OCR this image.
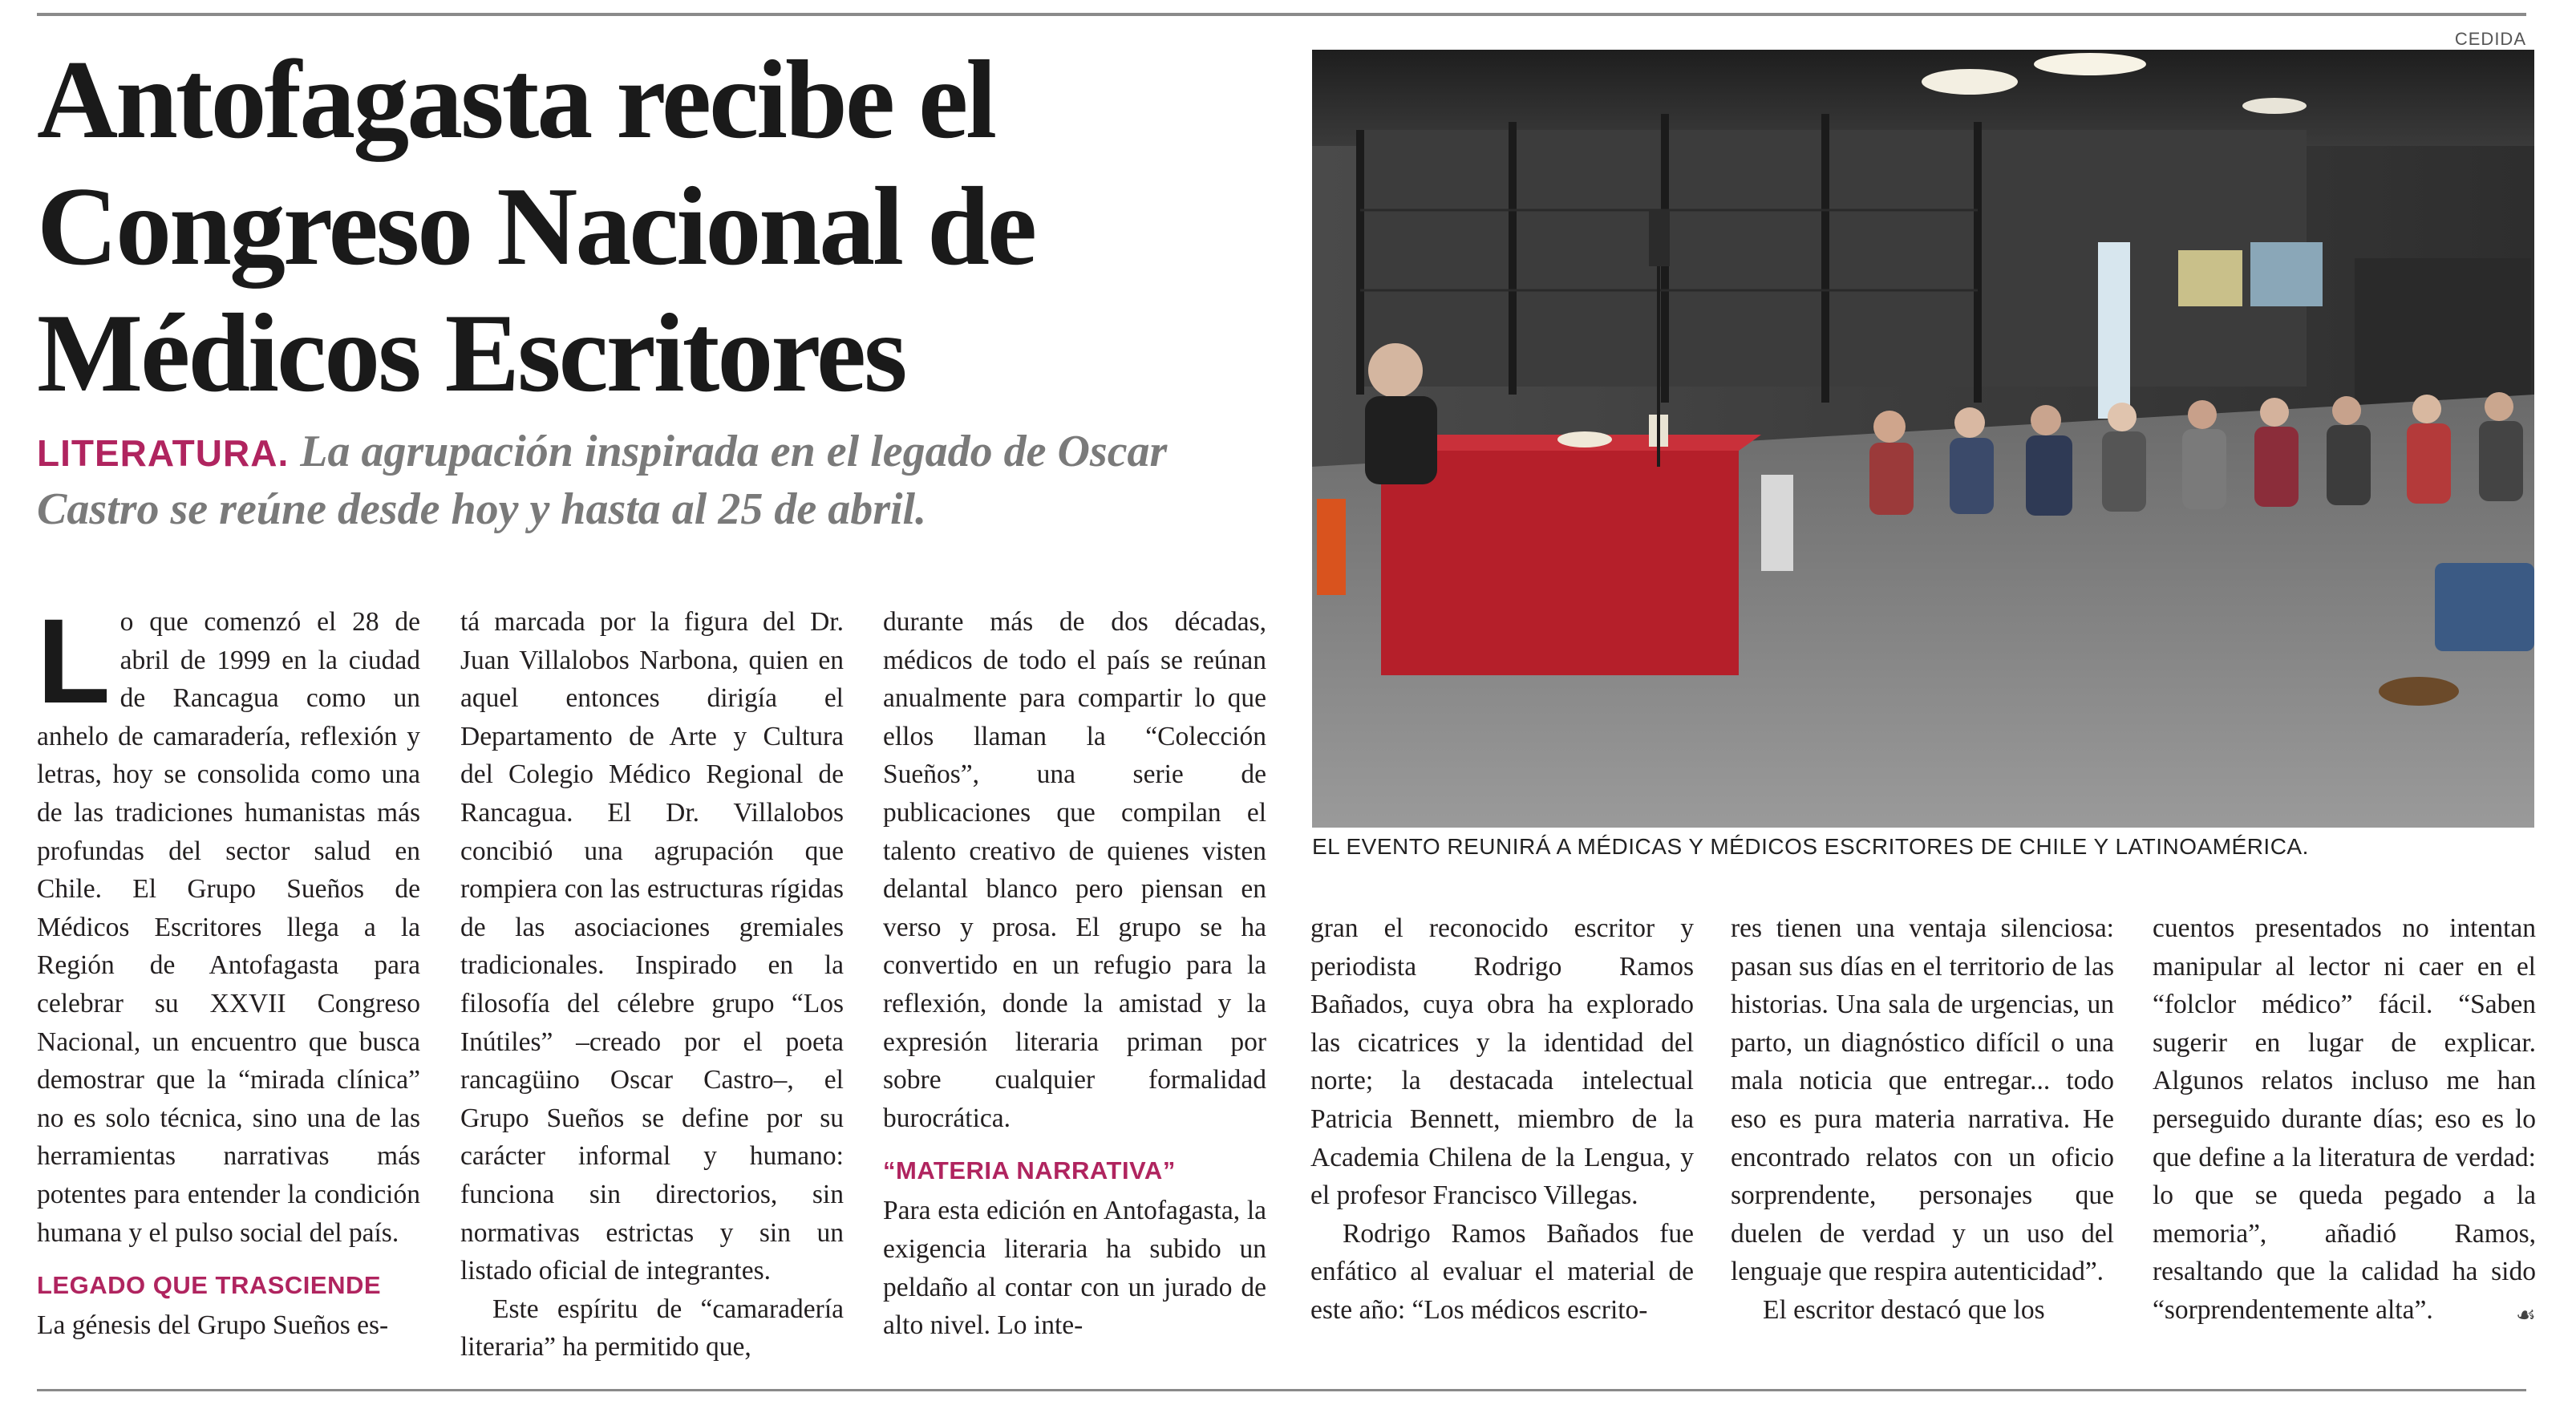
Antofagasta recibe el
Congreso Nacional de
Médicos Escritores
LITERATURA. La agrupación inspirada en el legado de Oscar Castro se reúne desde hoy y hasta al 25 de abril.
CEDIDA
EL EVENTO REUNIRÁ A MÉDICAS Y MÉDICOS ESCRITORES DE CHILE Y LATINOAMÉRICA.

Lo que comenzó el 28 de abril de 1999 en la ciudad de Rancagua como un anhelo de camaradería, reflexión y letras, hoy se consolida como una de las tradiciones humanistas más profundas del sector salud en Chile. El Grupo Sueños de Médicos Escritores llega a la Región de Antofagasta para celebrar su XXVII Congreso Nacional, un encuentro que busca demostrar que la “mirada clínica” no es solo técnica, sino una de las herramientas narrativas más potentes para entender la condición humana y el pulso social del país.

LEGADO QUE TRASCIENDE

La génesis del Grupo Sueños es-

tá marcada por la figura del Dr. Juan Villalobos Narbona, quien en aquel entonces dirigía el Departamento de Arte y Cultura del Colegio Médico Regional de Rancagua. El Dr. Villalobos concibió una agrupación que rompiera con las estructuras rígidas de las asociaciones gremiales tradicionales. Inspirado en la filosofía del célebre grupo “Los Inútiles” –creado por el poeta rancagüino Oscar Castro–, el Grupo Sueños se define por su carácter informal y humano: funciona sin directorios, sin normativas estrictas y sin un listado oficial de integrantes.

Este espíritu de “camaradería literaria” ha permitido que,

durante más de dos décadas, médicos de todo el país se reúnan anualmente para compartir lo que ellos llaman la “Colección Sueños”, una serie de publicaciones que compilan el talento creativo de quienes visten delantal blanco pero piensan en verso y prosa. El grupo se ha convertido en un refugio para la reflexión, donde la amistad y la expresión literaria priman por sobre cualquier formalidad burocrática.

“MATERIA NARRATIVA”

Para esta edición en Antofagasta, la exigencia literaria ha subido un peldaño al contar con un jurado de alto nivel. Lo inte-

gran el reconocido escritor y periodista Rodrigo Ramos Bañados, cuya obra ha explorado las cicatrices y la identidad del norte; la destacada intelectual Patricia Bennett, miembro de la Academia Chilena de la Lengua, y el profesor Francisco Villegas.

Rodrigo Ramos Bañados fue enfático al evaluar el material de este año: “Los médicos escrito-

res tienen una ventaja silenciosa: pasan sus días en el territorio de las historias. Una sala de urgencias, un parto, un diagnóstico difícil o una mala noticia que entregar... todo eso es pura materia narrativa. He encontrado relatos con un oficio sorprendente, personajes que duelen de verdad y un uso del lenguaje que respira autenticidad”.

El escritor destacó que los

cuentos presentados no intentan manipular al lector ni caer en el “folclor médico” fácil. “Saben sugerir en lugar de explicar. Algunos relatos incluso me han perseguido durante días; eso es lo que define a la literatura de verdad: lo que se queda pegado a la memoria”, añadió Ramos, resaltando que la calidad ha sido “sorprendentemente alta”.	☙
